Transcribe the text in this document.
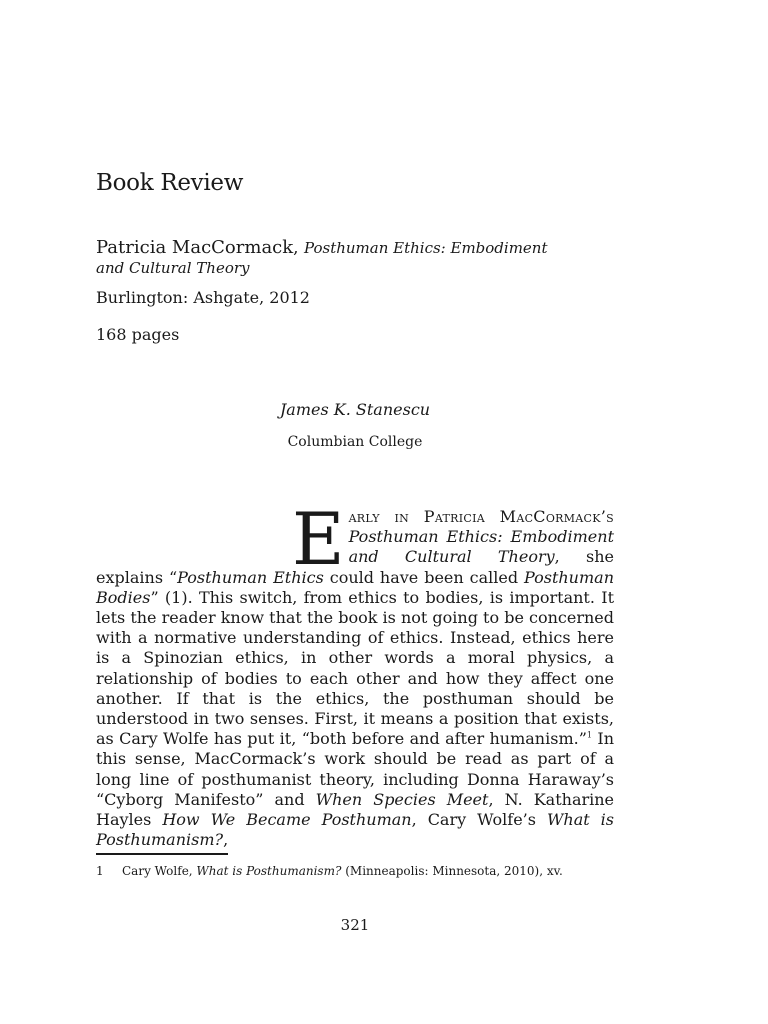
Book Review
Patricia MacCormack, Posthuman Ethics: Embodiment and Cultural Theory
Burlington: Ashgate, 2012
168 pages
James K. Stanescu
Columbian College

Early in Patricia MacCormack’s Posthuman Ethics: Embodiment and Cultural Theory, she explains “Posthuman Ethics could have been called Posthuman Bodies” (1). This switch, from ethics to bodies, is important. It lets the reader know that the book is not going to be concerned with a normative understanding of ethics. Instead, ethics here is a Spinozian ethics, in other words a moral physics, a relationship of bodies to each other and how they affect one another. If that is the ethics, the posthuman should be understood in two senses. First, it means a position that exists, as Cary Wolfe has put it, “both before and after humanism.”$^1$ In this sense, MacCormack’s work should be read as part of a long line of posthumanist theory, including Donna Haraway’s “Cyborg Manifesto” and When Species Meet, N. Katharine Hayles How We Became Posthuman, Cary Wolfe’s What is Posthumanism?,

1 Cary Wolfe, What is Posthumanism? (Minneapolis: Minnesota, 2010), xv.
321
